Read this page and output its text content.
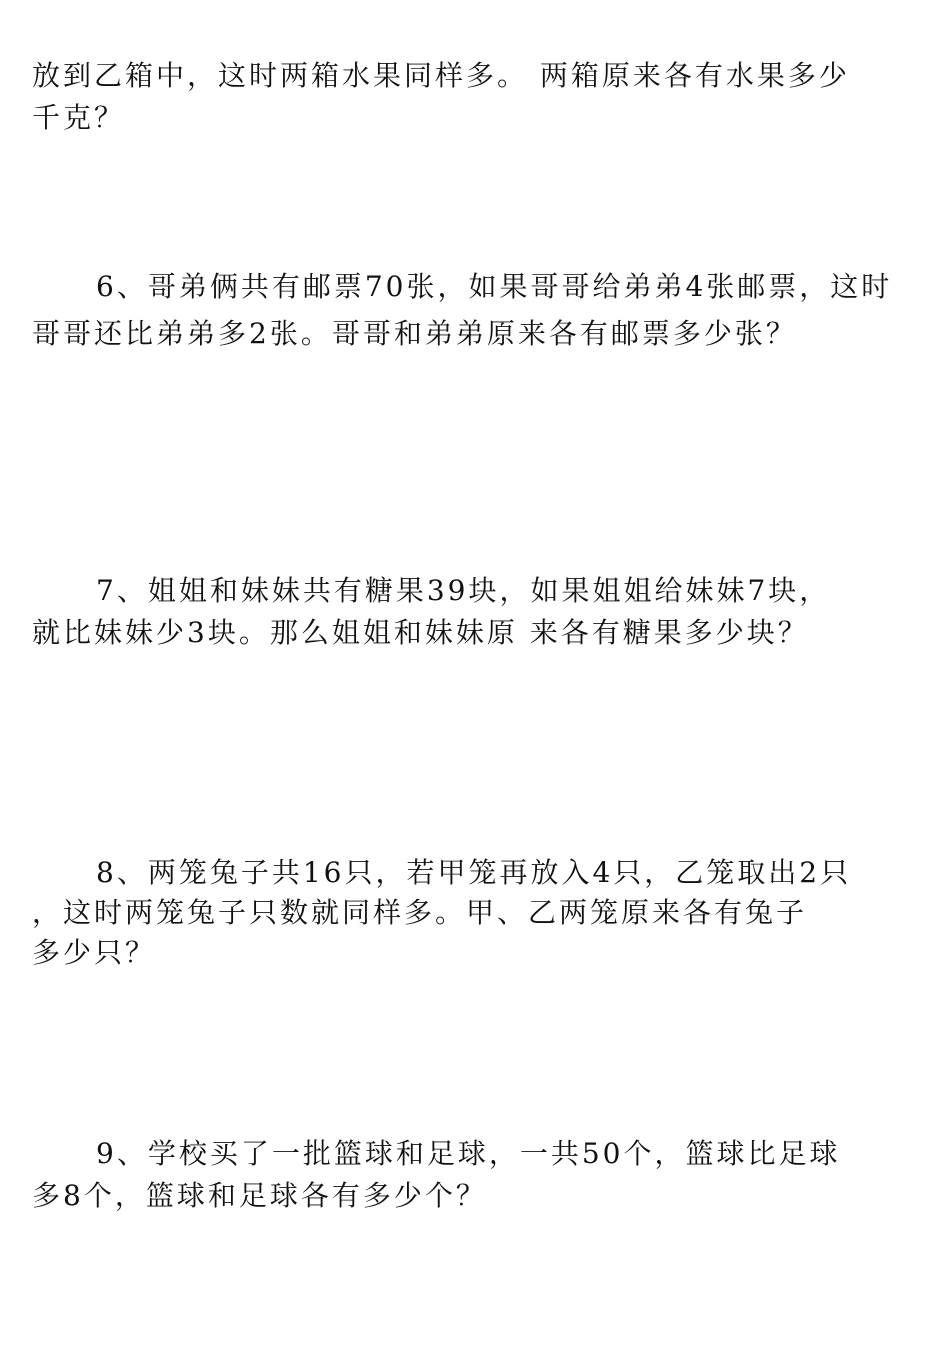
放到乙箱中，这时两箱水果同样多。 两箱原来各有水果多少
千克？
6、哥弟俩共有邮票70张，如果哥哥给弟弟4张邮票，这时
哥哥还比弟弟多2张。哥哥和弟弟原来各有邮票多少张？
7、姐姐和妹妹共有糖果39块，如果姐姐给妹妹7块，
就比妹妹少3块。那么姐姐和妹妹原 来各有糖果多少块？
8、两笼兔子共16只，若甲笼再放入4只，乙笼取出2只
，这时两笼兔子只数就同样多。甲、乙两笼原来各有兔子
多少只？
9、学校买了一批篮球和足球，一共50个，篮球比足球
多8个，篮球和足球各有多少个？
